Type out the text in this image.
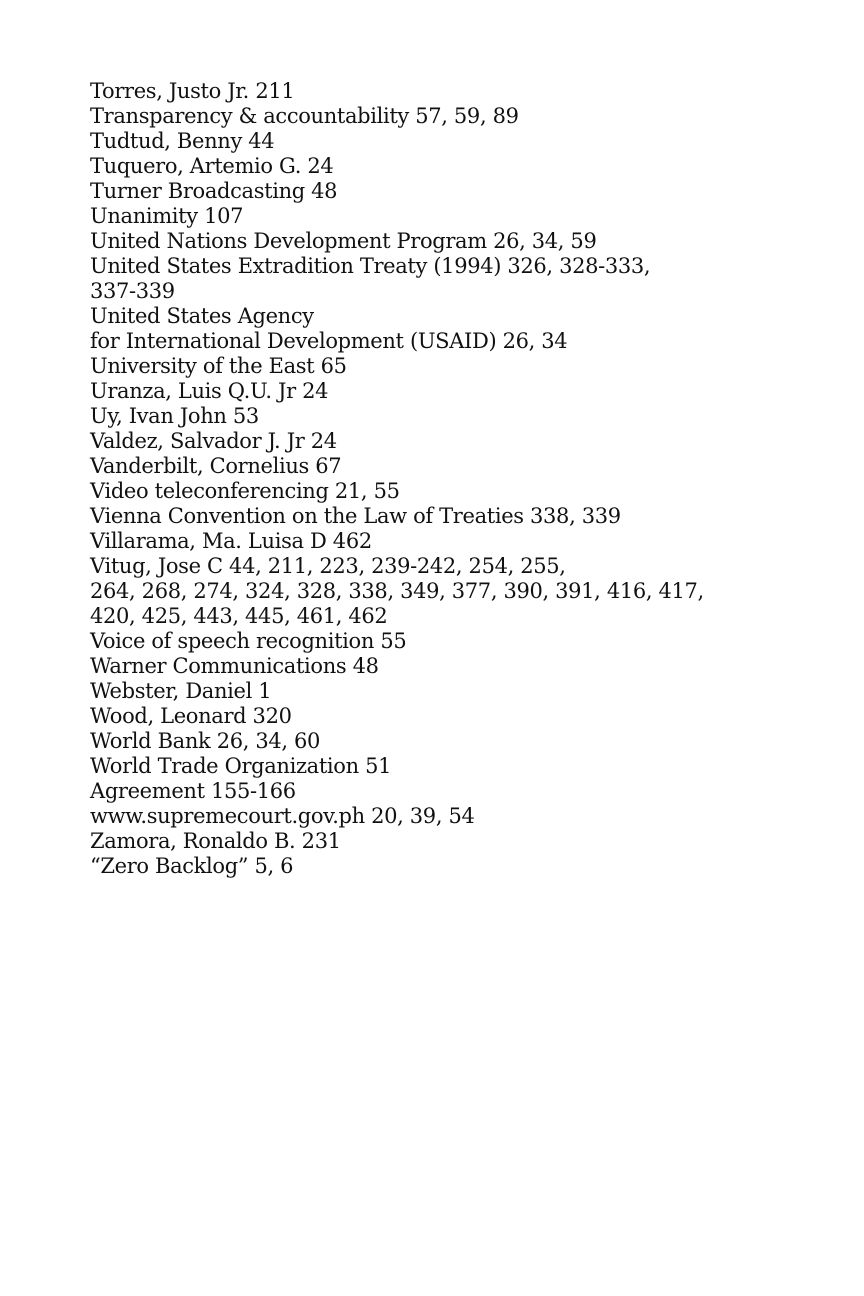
Torres, Justo Jr. 211
Transparency & accountability 57, 59, 89
Tudtud, Benny 44
Tuquero, Artemio G. 24
Turner Broadcasting 48
Unanimity 107
United Nations Development Program 26, 34, 59
United States Extradition Treaty (1994) 326, 328-333,
337-339
United States Agency
for International Development (USAID) 26, 34
University of the East 65
Uranza, Luis Q.U. Jr 24
Uy, Ivan John 53
Valdez, Salvador J. Jr 24
Vanderbilt, Cornelius 67
Video teleconferencing 21, 55
Vienna Convention on the Law of Treaties 338, 339
Villarama, Ma. Luisa D 462
Vitug, Jose C 44, 211, 223, 239-242, 254, 255,
264, 268, 274, 324, 328, 338, 349, 377, 390, 391, 416, 417,
420, 425, 443, 445, 461, 462
Voice of speech recognition 55
Warner Communications 48
Webster, Daniel 1
Wood, Leonard 320
World Bank 26, 34, 60
World Trade Organization 51
Agreement 155-166
www.supremecourt.gov.ph 20, 39, 54
Zamora, Ronaldo B. 231
“Zero Backlog” 5, 6
